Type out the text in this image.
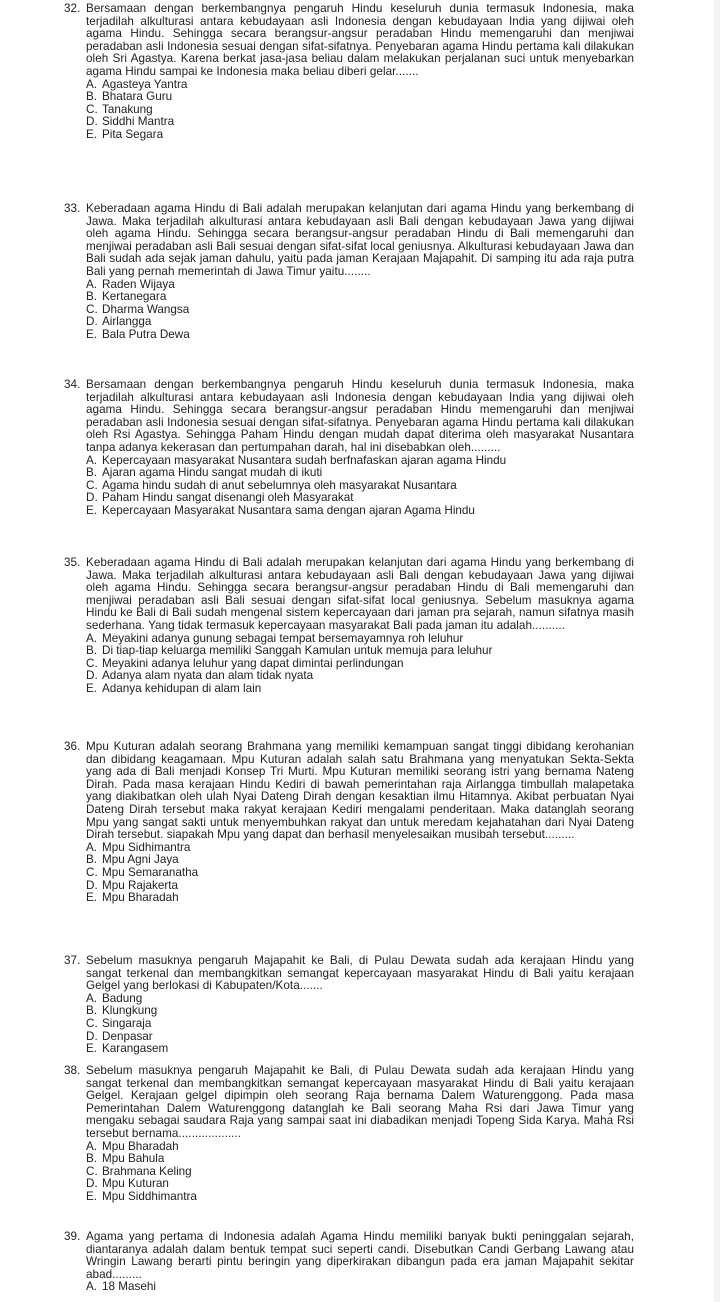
32. Bersamaan dengan berkembangnya pengaruh Hindu keseluruh dunia termasuk Indonesia, maka terjadilah alkulturasi antara kebudayaan asli Indonesia dengan kebudayaan India yang dijiwai oleh agama Hindu. Sehingga secara berangsur-angsur peradaban Hindu memengaruhi dan menjiwai peradaban asli Indonesia sesuai dengan sifat-sifatnya. Penyebaran agama Hindu pertama kali dilakukan oleh Sri Agastya. Karena berkat jasa-jasa beliau dalam melakukan perjalanan suci untuk menyebarkan agama Hindu sampai ke Indonesia maka beliau diberi gelar.......
A. Agasteya Yantra
B. Bhatara Guru
C. Tanakung
D. Siddhi Mantra
E. Pita Segara
33. Keberadaan agama Hindu di Bali adalah merupakan kelanjutan dari agama Hindu yang berkembang di Jawa. Maka terjadilah alkulturasi antara kebudayaan asli Bali dengan kebudayaan Jawa yang dijiwai oleh agama Hindu. Sehingga secara berangsur-angsur peradaban Hindu di Bali memengaruhi dan menjiwai peradaban asli Bali sesuai dengan sifat-sifat local geniusnya. Alkulturasi kebudayaan Jawa dan Bali sudah ada sejak jaman dahulu, yaitu pada jaman Kerajaan Majapahit. Di samping itu ada raja putra Bali yang pernah memerintah di Jawa Timur yaitu........
A. Raden Wijaya
B. Kertanegara
C. Dharma Wangsa
D. Airlangga
E. Bala Putra Dewa
34. Bersamaan dengan berkembangnya pengaruh Hindu keseluruh dunia termasuk Indonesia, maka terjadilah alkulturasi antara kebudayaan asli Indonesia dengan kebudayaan India yang dijiwai oleh agama Hindu. Sehingga secara berangsur-angsur peradaban Hindu memengaruhi dan menjiwai peradaban asli Indonesia sesuai dengan sifat-sifatnya. Penyebaran agama Hindu pertama kali dilakukan oleh Rsi Agastya. Sehingga Paham Hindu dengan mudah dapat diterima oleh masyarakat Nusantara tanpa adanya kekerasan dan pertumpahan darah, hal ini disebabkan oleh.........
A. Kepercayaan masyarakat Nusantara sudah berfnafaskan ajaran agama Hindu
B. Ajaran agama Hindu sangat mudah di ikuti
C. Agama hindu sudah di anut sebelumnya oleh masyarakat Nusantara
D. Paham Hindu sangat disenangi oleh Masyarakat
E. Kepercayaan Masyarakat Nusantara sama dengan ajaran Agama Hindu
35. Keberadaan agama Hindu di Bali adalah merupakan kelanjutan dari agama Hindu yang berkembang di Jawa. Maka terjadilah alkulturasi antara kebudayaan asli Bali dengan kebudayaan Jawa yang dijiwai oleh agama Hindu. Sehingga secara berangsur-angsur peradaban Hindu di Bali memengaruhi dan menjiwai peradaban asli Bali sesuai dengan sifat-sifat local geniusnya. Sebelum masuknya agama Hindu ke Bali di Bali sudah mengenal sistem kepercayaan dari jaman pra sejarah, namun sifatnya masih sederhana. Yang tidak termasuk kepercayaan masyarakat Bali pada jaman itu adalah..........
A. Meyakini adanya gunung sebagai tempat bersemayamnya roh leluhur
B. Di tiap-tiap keluarga memiliki Sanggah Kamulan untuk memuja para leluhur
C. Meyakini adanya leluhur yang dapat dimintai perlindungan
D. Adanya alam nyata dan alam tidak nyata
E. Adanya kehidupan di alam lain
36. Mpu Kuturan adalah seorang Brahmana yang memiliki kemampuan sangat tinggi dibidang kerohanian dan dibidang keagamaan. Mpu Kuturan adalah salah satu Brahmana yang menyatukan Sekta-Sekta yang ada di Bali menjadi Konsep Tri Murti. Mpu Kuturan memiliki seorang istri yang bernama Nateng Dirah. Pada masa kerajaan Hindu Kediri di bawah pemerintahan raja Airlangga timbullah malapetaka yang diakibatkan oleh ulah Nyai Dateng Dirah dengan kesaktian ilmu Hitamnya. Akibat perbuatan Nyai Dateng Dirah tersebut maka rakyat kerajaan Kediri mengalami penderitaan. Maka datanglah seorang Mpu yang sangat sakti untuk menyembuhkan rakyat dan untuk meredam kejahatahan dari Nyai Dateng Dirah tersebut. siapakah Mpu yang dapat dan berhasil menyelesaikan musibah tersebut.........
A. Mpu Sidhimantra
B. Mpu Agni Jaya
C. Mpu Semaranatha
D. Mpu Rajakerta
E. Mpu Bharadah
37. Sebelum masuknya pengaruh Majapahit ke Bali, di Pulau Dewata sudah ada kerajaan Hindu yang sangat terkenal dan membangkitkan semangat kepercayaan masyarakat Hindu di Bali yaitu kerajaan Gelgel yang berlokasi di Kabupaten/Kota.......
A. Badung
B. Klungkung
C. Singaraja
D. Denpasar
E. Karangasem
38. Sebelum masuknya pengaruh Majapahit ke Bali, di Pulau Dewata sudah ada kerajaan Hindu yang sangat terkenal dan membangkitkan semangat kepercayaan masyarakat Hindu di Bali yaitu kerajaan Gelgel. Kerajaan gelgel dipimpin oleh seorang Raja bernama Dalem Waturenggong. Pada masa Pemerintahan Dalem Waturenggong datanglah ke Bali seorang Maha Rsi dari Jawa Timur yang mengaku sebagai saudara Raja yang sampai saat ini diabadikan menjadi Topeng Sida Karya. Maha Rsi tersebut bernama...................
A. Mpu Bharadah
B. Mpu Bahula
C. Brahmana Keling
D. Mpu Kuturan
E. Mpu Siddhimantra
39. Agama yang pertama di Indonesia adalah Agama Hindu memiliki banyak bukti peninggalan sejarah, diantaranya adalah dalam bentuk tempat suci seperti candi. Disebutkan Candi Gerbang Lawang atau Wringin Lawang berarti pintu beringin yang diperkirakan dibangun pada era jaman Majapahit sekitar abad.........
A. 18 Masehi
